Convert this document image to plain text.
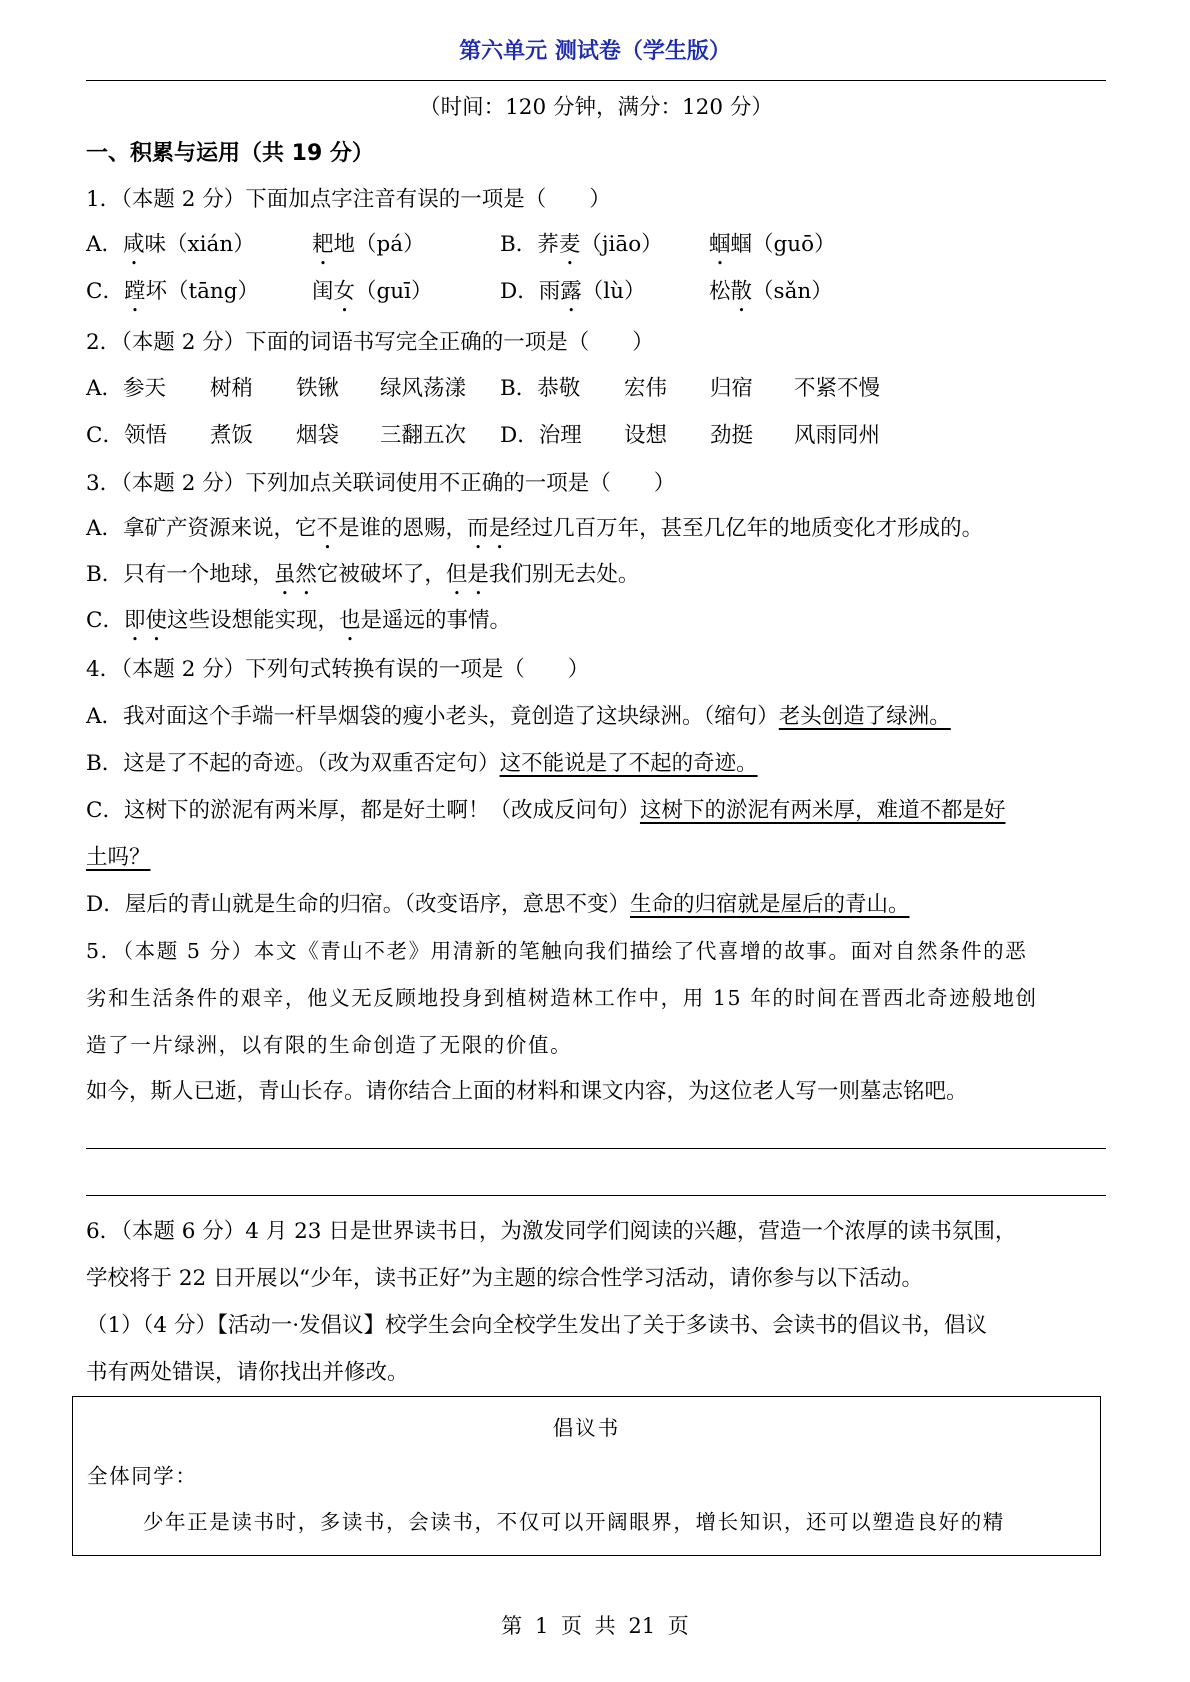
第六单元 测试卷（学生版）
（时间：120 分钟，满分：120 分）
一、积累与运用（共 19 分）
1．（本题 2 分）下面加点字注音有误的一项是（　　）
A．咸味（xián）	耙地（pá）	B．荞麦（jiāo） 蝈蝈（guō）
C．蹚坏（tāng） 闺女（guī）	D．雨露（lù）	松散（sǎn）
2．（本题 2 分）下面的词语书写完全正确的一项是（　　）
A．参天 树稍 铁锹 绿风荡漾 B．恭敬 宏伟 归宿 不紧不慢
C．领悟 煮饭 烟袋 三翻五次 D．治理 设想 劲挺 风雨同州
3．（本题 2 分）下列加点关联词使用不正确的一项是（　　）
A．拿矿产资源来说，它不是谁的恩赐，而是经过几百万年，甚至几亿年的地质变化才形成的。
B．只有一个地球，虽然它被破坏了，但是我们别无去处。
C．即使这些设想能实现，也是遥远的事情。
4．（本题 2 分）下列句式转换有误的一项是（　　）
A．我对面这个手端一杆旱烟袋的瘦小老头，竟创造了这块绿洲。（缩句）老头创造了绿洲。
B．这是了不起的奇迹。（改为双重否定句）这不能说是了不起的奇迹。
C．这树下的淤泥有两米厚，都是好土啊！（改成反问句）这树下的淤泥有两米厚，难道不都是好
土吗？
D．屋后的青山就是生命的归宿。（改变语序，意思不变）生命的归宿就是屋后的青山。
5．（本题 5 分）本文《青山不老》用清新的笔触向我们描绘了代喜增的故事。面对自然条件的恶
劣和生活条件的艰辛，他义无反顾地投身到植树造林工作中，用 15 年的时间在晋西北奇迹般地创
造了一片绿洲，以有限的生命创造了无限的价值。
如今，斯人已逝，青山长存。请你结合上面的材料和课文内容，为这位老人写一则墓志铭吧。
6．（本题 6 分）4 月 23 日是世界读书日，为激发同学们阅读的兴趣，营造一个浓厚的读书氛围，
学校将于 22 日开展以“少年，读书正好”为主题的综合性学习活动，请你参与以下活动。
（1）（4 分）【活动一·发倡议】校学生会向全校学生发出了关于多读书、会读书的倡议书，倡议
书有两处错误，请你找出并修改。
倡议书
全体同学：
少年正是读书时，多读书，会读书，不仅可以开阔眼界，增长知识，还可以塑造良好的精
第 1 页 共 21 页
